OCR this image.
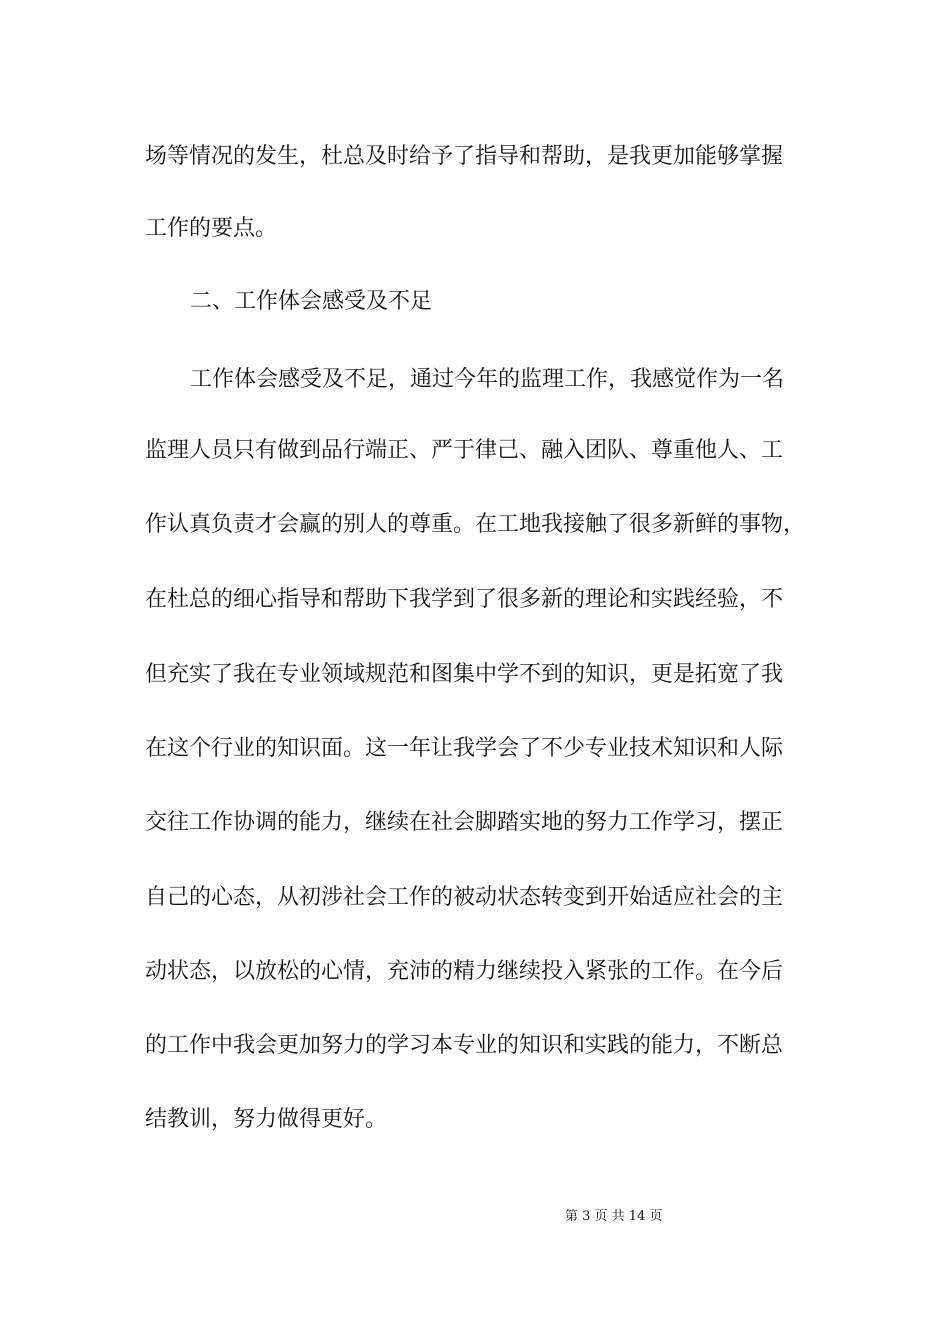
场等情况的发生，杜总及时给予了指导和帮助，是我更加能够掌握
工作的要点。
二、工作体会感受及不足
工作体会感受及不足，通过今年的监理工作，我感觉作为一名
监理人员只有做到品行端正、严于律己、融入团队、尊重他人、工
作认真负责才会赢的别人的尊重。在工地我接触了很多新鲜的事物，
在杜总的细心指导和帮助下我学到了很多新的理论和实践经验，不
但充实了我在专业领域规范和图集中学不到的知识，更是拓宽了我
在这个行业的知识面。这一年让我学会了不少专业技术知识和人际
交往工作协调的能力，继续在社会脚踏实地的努力工作学习，摆正
自己的心态，从初涉社会工作的被动状态转变到开始适应社会的主
动状态，以放松的心情，充沛的精力继续投入紧张的工作。在今后
的工作中我会更加努力的学习本专业的知识和实践的能力，不断总
结教训，努力做得更好。
第 3 页 共 14 页
